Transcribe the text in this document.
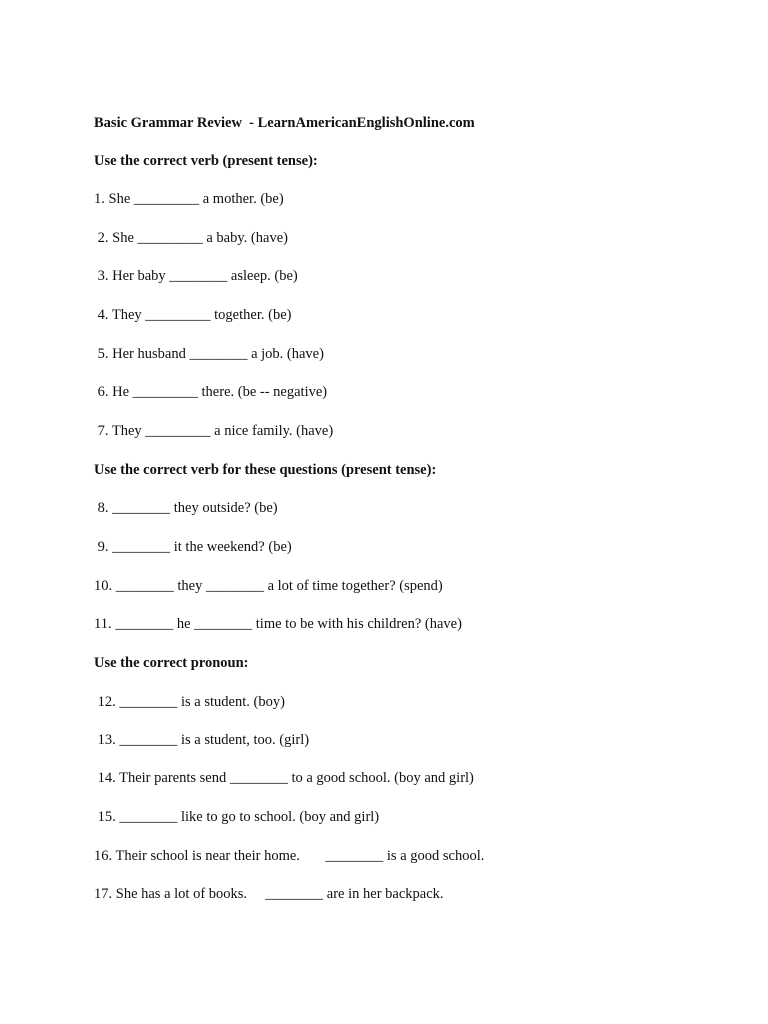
Basic Grammar Review  - LearnAmericanEnglishOnline.com
Use the correct verb (present tense):
1. She _________ a mother. (be)
2. She _________ a baby. (have)
3. Her baby ________ asleep. (be)
4. They _________ together. (be)
5. Her husband ________ a job. (have)
6. He _________ there. (be -- negative)
7. They _________ a nice family. (have)
Use the correct verb for these questions (present tense):
8. ________ they outside? (be)
9. ________ it the weekend? (be)
10. ________ they ________ a lot of time together? (spend)
11. ________ he ________ time to be with his children? (have)
Use the correct pronoun:
12. ________ is a student. (boy)
13. ________ is a student, too. (girl)
14. Their parents send ________ to a good school. (boy and girl)
15. ________ like to go to school. (boy and girl)
16. Their school is near their home.       ________ is a good school.
17. She has a lot of books.     ________ are in her backpack.
